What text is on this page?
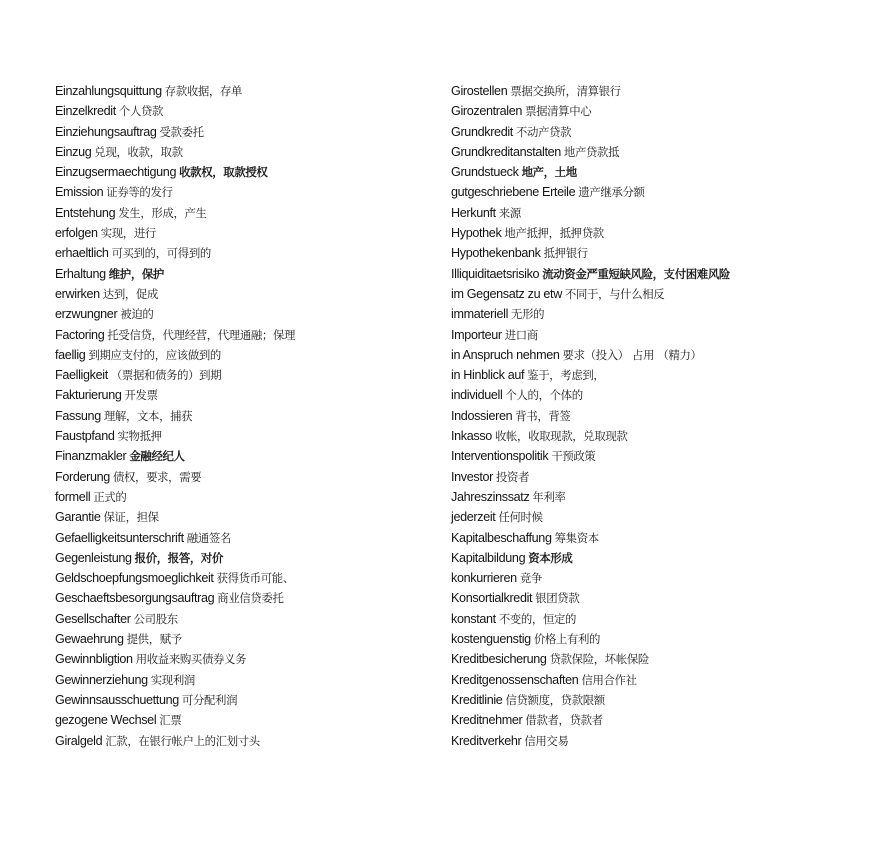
Einzahlungsquittung 存款收据，存单
Einzelkredit 个人贷款
Einziehungsauftrag 受款委托
Einzug 兑现，收款，取款
Einzugsermaechtigung 收款权，取款授权
Emission 证券等的发行
Entstehung 发生，形成，产生
erfolgen 实现，进行
erhaeltlich 可买到的，可得到的
Erhaltung 维护，保护
erwirken 达到，促成
erzwungner 被迫的
Factoring 托受信贷，代理经营，代理通融；保理
faellig 到期应支付的，应该做到的
Faelligkeit （票据和债务的）到期
Fakturierung 开发票
Fassung 理解，文本，捕获
Faustpfand 实物抵押
Finanzmakler 金融经纪人
Forderung 债权，要求，需要
formell 正式的
Garantie 保证，担保
Gefaelligkeitsunterschrift 融通签名
Gegenleistung 报价，报答，对价
Geldschoepfungsmoeglichkeit 获得货币可能、
Geschaeftsbesorgungsauftrag 商业信贷委托
Gesellschafter 公司股东
Gewaehrung 提供，赋予
Gewinnbligtion 用收益来购买债券义务
Gewinnerziehung 实现利润
Gewinnsausschuettung 可分配利润
gezogene Wechsel 汇票
Giralgeld 汇款，在银行帐户上的汇划寸头
Girostellen 票据交换所，清算银行
Girozentralen 票据清算中心
Grundkredit 不动产贷款
Grundkreditanstalten 地产贷款抵
Grundstueck 地产，土地
gutgeschriebene Erteile 遗产继承分额
Herkunft 来源
Hypothek 地产抵押，抵押贷款
Hypothekenbank 抵押银行
Illiquiditaetsrisiko 流动资金严重短缺风险，支付困难风险
im Gegensatz zu etw 不同于，与什么相反
immateriell 无形的
Importeur 进口商
in Anspruch nehmen 要求（投入） 占用 （精力）
in Hinblick auf 鉴于，考虑到，
individuell 个人的，个体的
Indossieren 背书，背签
Inkasso 收帐，收取现款，兑取现款
Interventionspolitik 干预政策
Investor 投资者
Jahreszinssatz 年利率
jederzeit 任何时候
Kapitalbeschaffung 筹集资本
Kapitalbildung 资本形成
konkurrieren 竞争
Konsortialkredit 银团贷款
konstant 不变的，恒定的
kostenguenstig 价格上有利的
Kreditbesicherung 贷款保险，坏帐保险
Kreditgenossenschaften 信用合作社
Kreditlinie 信贷额度，贷款限额
Kreditnehmer 借款者，贷款者
Kreditverkehr 信用交易
